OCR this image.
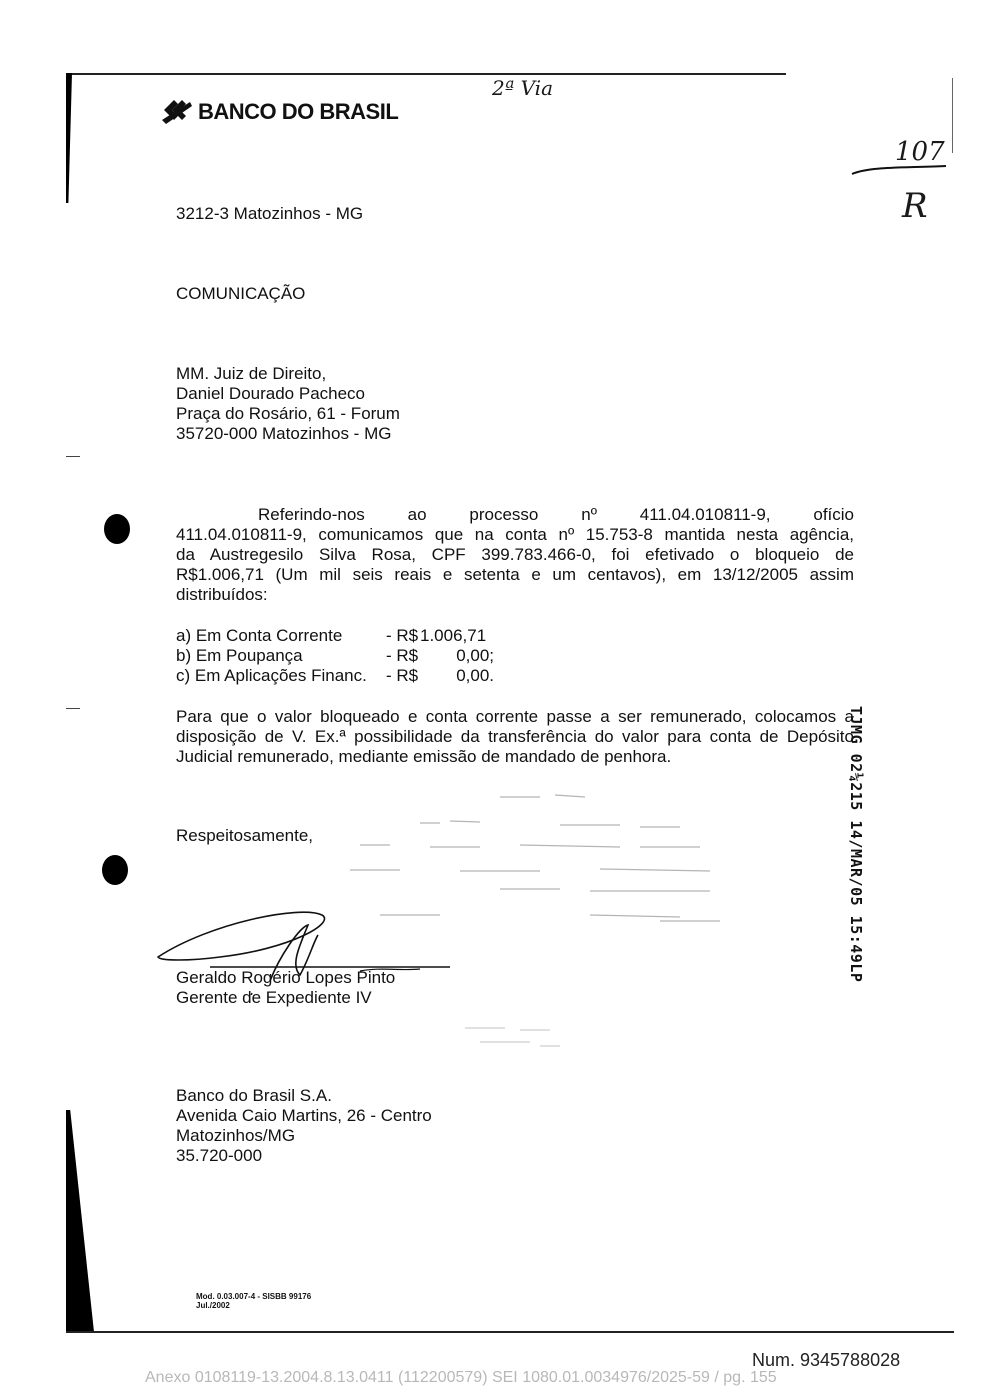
BANCO DO BRASIL
2ª Via
107
R
3212-3 Matozinhos - MG
COMUNICAÇÃO
MM. Juiz de Direito,
Daniel Dourado Pacheco
Praça do Rosário, 61 - Forum
35720-000 Matozinhos - MG
Referindo-nos ao processo nº 411.04.010811-9, ofício
411.04.010811-9, comunicamos que na conta nº 15.753-8 mantida nesta agência,
da Austregesilo Silva Rosa, CPF 399.783.466-0, foi efetivado o bloqueio de
R$1.006,71 (Um mil seis reais e setenta e um centavos), em 13/12/2005 assim
distribuídos:
a) Em Conta Corrente	- R$ 1.006,71
b) Em Poupança	- R$	0,00;
c) Em Aplicações Financ. - R$	0,00.
Para que o valor bloqueado e conta corrente passe a ser remunerado, colocamos a
disposição de V. Ex.ª possibilidade da transferência do valor para conta de Depósito
Judicial remunerado, mediante emissão de mandado de penhora.	TJMG 02¼215 14/MAR/05 15:49LP
Respeitosamente,
Geraldo Rogério Lopes Pinto
Gerente de Expediente IV
Banco do Brasil S.A.
Avenida Caio Martins, 26 - Centro
Matozinhos/MG
35.720-000
Mod. 0.03.007-4 - SISBB 99176
Jul./2002
Num. 9345788028
Anexo 0108119-13.2004.8.13.0411 (112200579) SEI 1080.01.0034976/2025-59 / pg. 155
